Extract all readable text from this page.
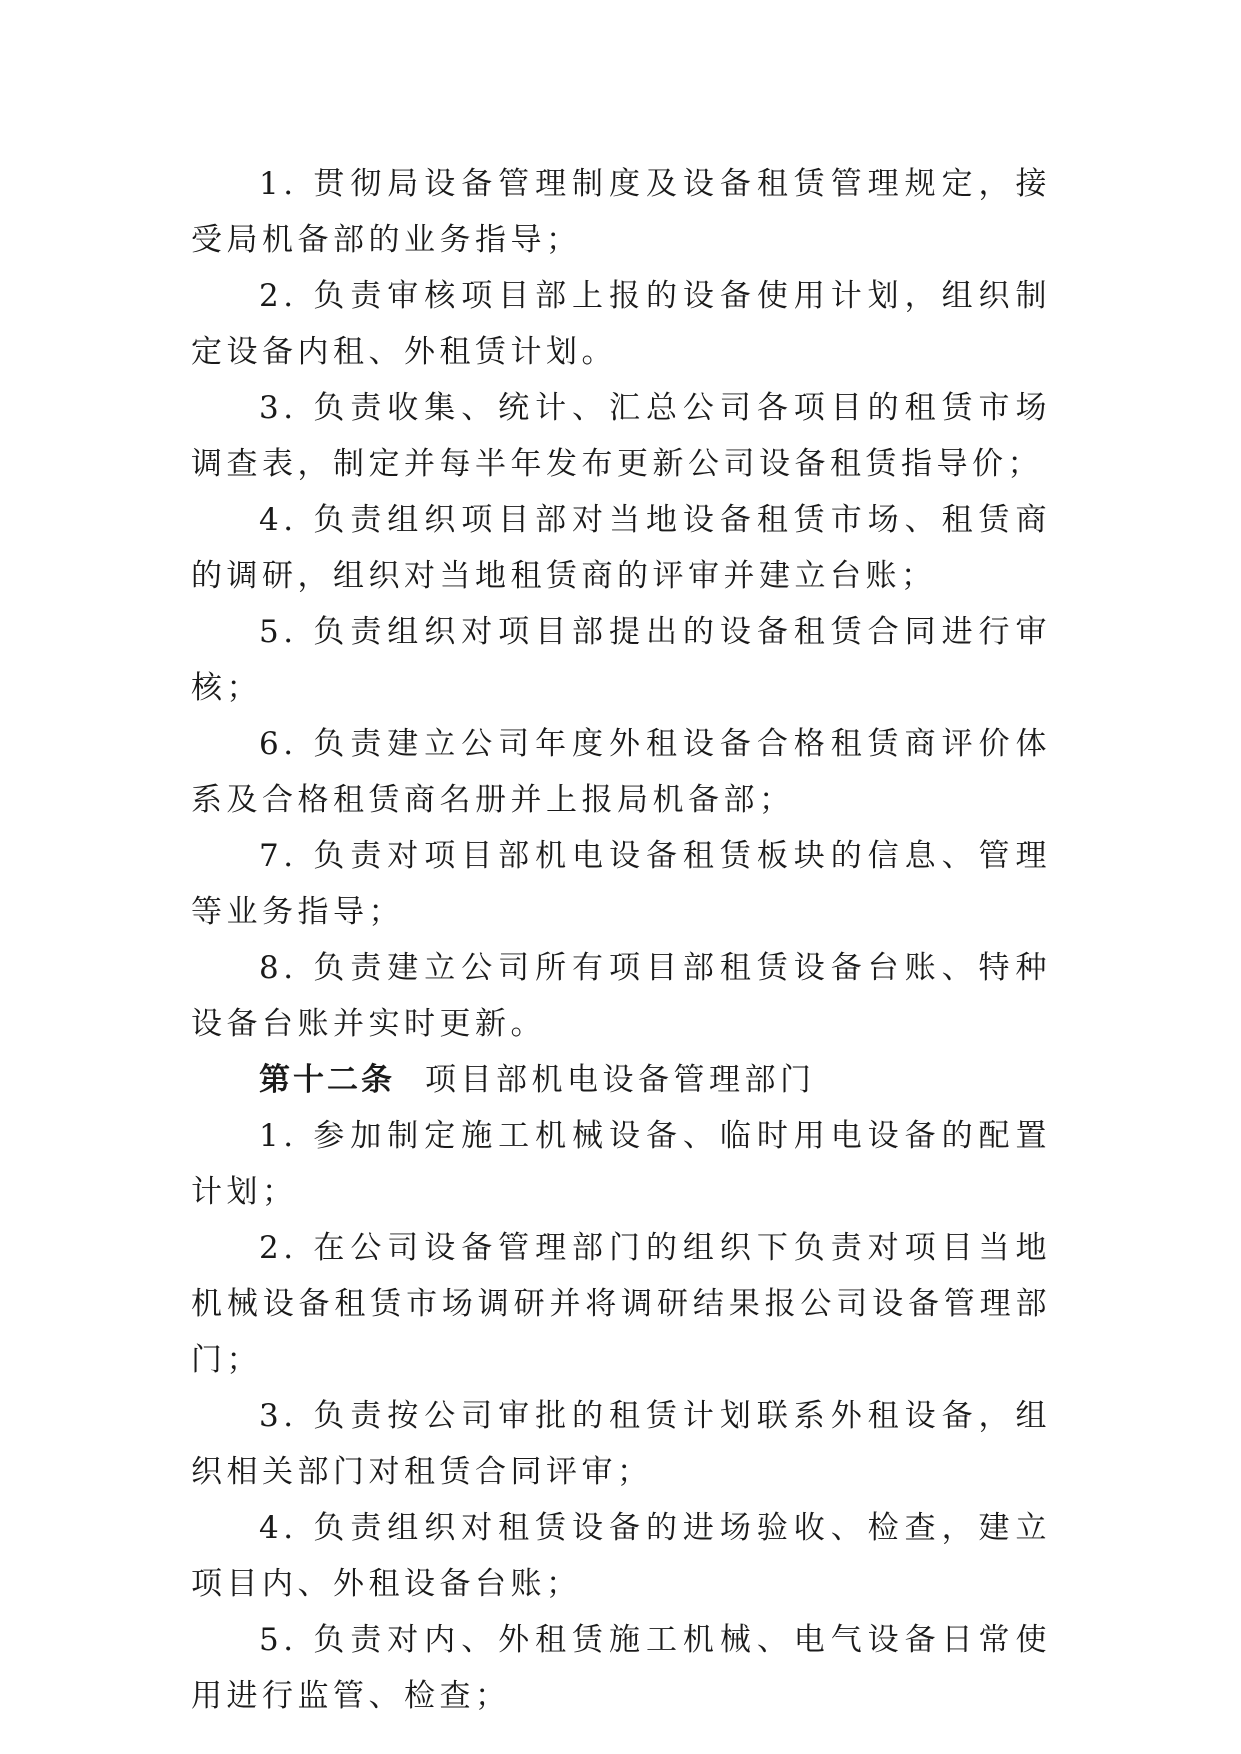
1. 贯彻局设备管理制度及设备租赁管理规定，接受局机备部的业务指导；

2. 负责审核项目部上报的设备使用计划，组织制定设备内租、外租赁计划。

3. 负责收集、统计、汇总公司各项目的租赁市场调查表，制定并每半年发布更新公司设备租赁指导价；

4. 负责组织项目部对当地设备租赁市场、租赁商的调研，组织对当地租赁商的评审并建立台账；

5. 负责组织对项目部提出的设备租赁合同进行审核；

6. 负责建立公司年度外租设备合格租赁商评价体系及合格租赁商名册并上报局机备部；

7. 负责对项目部机电设备租赁板块的信息、管理等业务指导；

8. 负责建立公司所有项目部租赁设备台账、特种设备台账并实时更新。

第十二条 项目部机电设备管理部门

1. 参加制定施工机械设备、临时用电设备的配置计划；

2. 在公司设备管理部门的组织下负责对项目当地机械设备租赁市场调研并将调研结果报公司设备管理部门；

3. 负责按公司审批的租赁计划联系外租设备，组织相关部门对租赁合同评审；

4. 负责组织对租赁设备的进场验收、检查，建立项目内、外租设备台账；

5. 负责对内、外租赁施工机械、电气设备日常使用进行监管、检查；
